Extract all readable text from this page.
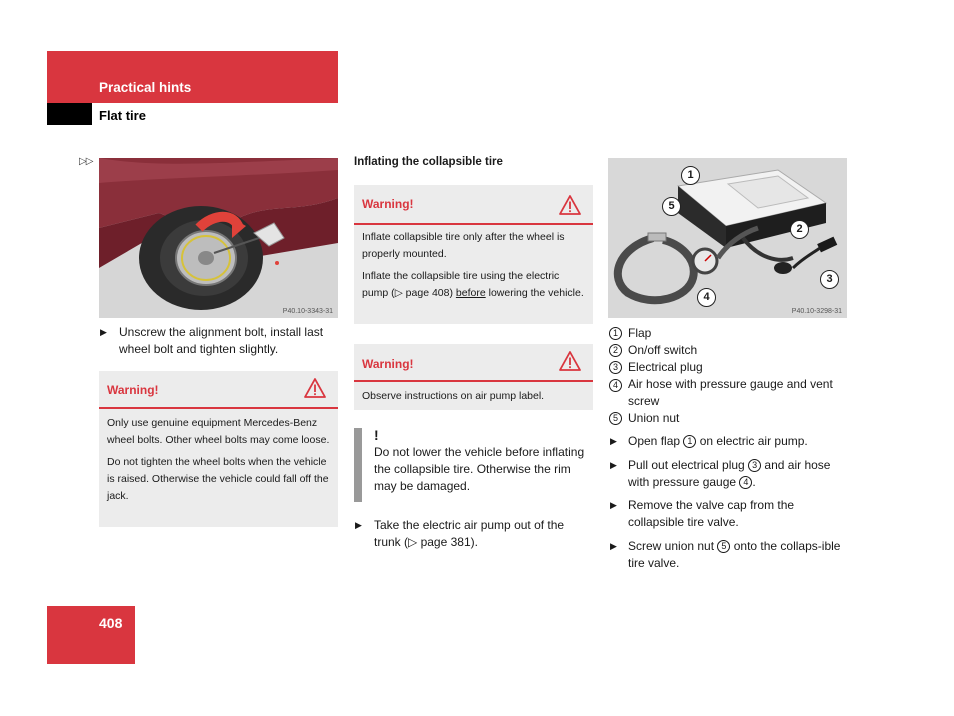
Practical hints
Flat tire
▷▷
P40.10-3343-31
▶ Unscrew the alignment bolt, install last wheel bolt and tighten slightly.
Warning!

Only use genuine equipment Mercedes-Benz wheel bolts. Other wheel bolts may come loose.

Do not tighten the wheel bolts when the vehicle is raised. Otherwise the vehicle could fall off the jack.

Inflating the collapsible tire
Warning!

Inflate collapsible tire only after the wheel is properly mounted.

Inflate the collapsible tire using the electric pump (▷ page 408) before lowering the vehicle.

Warning!

Observe instructions on air pump label.

!
Do not lower the vehicle before inflating the collapsible tire. Otherwise the rim may be damaged.
▶ Take the electric air pump out of the trunk (▷ page 381).
1
5
2
3
4
P40.10-3298-31
1 Flap
2 On/off switch
3 Electrical plug
4 Air hose with pressure gauge and vent screw
5 Union nut
▶ Open flap 1 on electric air pump.
▶ Pull out electrical plug 3 and air hose with pressure gauge 4 .
▶ Remove the valve cap from the collapsible tire valve.
▶ Screw union nut 5 onto the collaps-ible tire valve.
408
